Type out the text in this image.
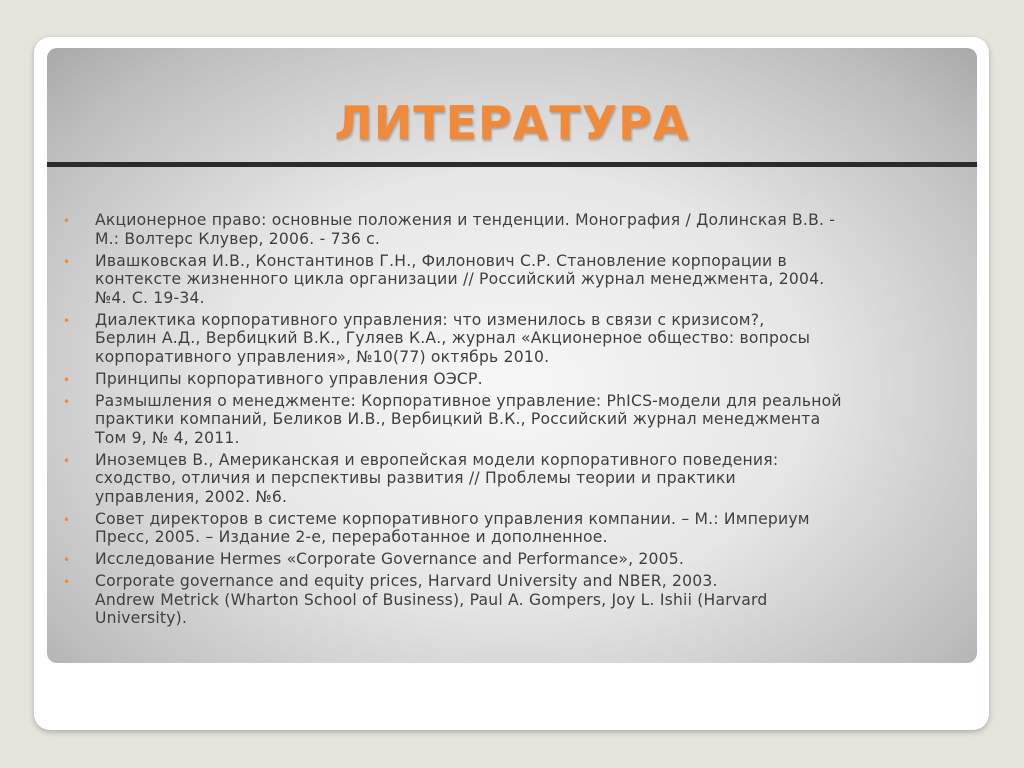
ЛИТЕРАТУРА
• Акционерное право: основные положения и тенденции. Монография / Долинская В.В. -
М.: Волтерс Клувер, 2006. - 736 с.
• Ивашковская И.В., Константинов Г.Н., Филонович С.Р. Становление корпорации в
контексте жизненного цикла организации // Российский журнал менеджмента, 2004.
№4. С. 19-34.
• Диалектика корпоративного управления: что изменилось в связи с кризисом?,
Берлин А.Д., Вербицкий В.К., Гуляев К.А., журнал «Акционерное общество: вопросы
корпоративного управления», №10(77) октябрь 2010.
• Принципы корпоративного управления ОЭСР.
• Размышления о менеджменте: Корпоративное управление: PhICS-модели для реальной
практики компаний, Беликов И.В., Вербицкий В.К., Российский журнал менеджмента
Том 9, № 4, 2011.
• Иноземцев В., Американская и европейская модели корпоративного поведения:
сходство, отличия и перспективы развития // Проблемы теории и практики
управления, 2002. №6.
• Совет директоров в системе корпоративного управления компании. – М.: Империум
Пресс, 2005. – Издание 2-е, переработанное и дополненное.
• Исследование Hermes «Corporate Governance and Performance», 2005.
• Corporate governance and equity prices, Harvard University and NBER, 2003.
Andrew Metrick (Wharton School of Business), Paul A. Gompers, Joy L. Ishii (Harvard
University).
